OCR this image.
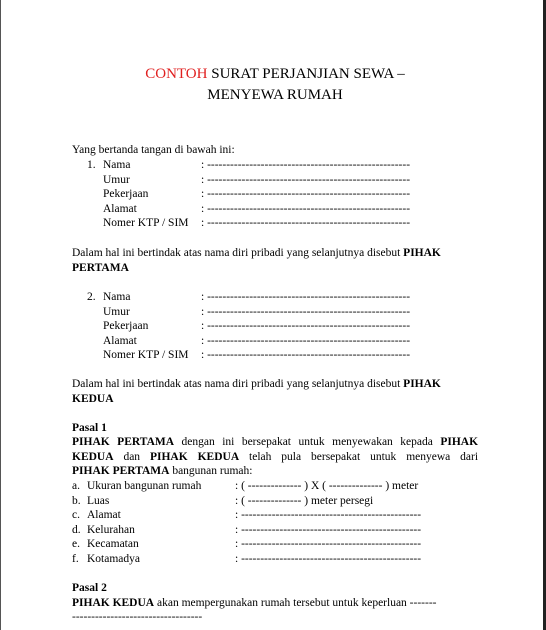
CONTOH SURAT PERJANJIAN SEWA –
MENYEWA RUMAH
Yang bertanda tangan di bawah ini:
1. Nama	: -----------------------------------------------------
Umur	: -----------------------------------------------------
Pekerjaan	: -----------------------------------------------------
Alamat	: -----------------------------------------------------
Nomer KTP / SIM : -----------------------------------------------------
Dalam hal ini bertindak atas nama diri pribadi yang selanjutnya disebut PIHAK
PERTAMA
2. Nama	: -----------------------------------------------------
Umur	: -----------------------------------------------------
Pekerjaan	: -----------------------------------------------------
Alamat	: -----------------------------------------------------
Nomer KTP / SIM : -----------------------------------------------------
Dalam hal ini bertindak atas nama diri pribadi yang selanjutnya disebut PIHAK
KEDUA
Pasal 1
PIHAK PERTAMA dengan ini bersepakat untuk menyewakan kepada PIHAK
KEDUA dan PIHAK KEDUA telah pula bersepakat untuk menyewa dari
PIHAK PERTAMA bangunan rumah:
a. Ukuran bangunan rumah	: ( -------------- ) X ( -------------- ) meter
b. Luas	: ( -------------- ) meter persegi
c. Alamat	: -----------------------------------------------
d. Kelurahan	: -----------------------------------------------
e. Kecamatan	: -----------------------------------------------
f. Kotamadya	: -----------------------------------------------
Pasal 2
PIHAK KEDUA akan mempergunakan rumah tersebut untuk keperluan -------
----------------------------------
